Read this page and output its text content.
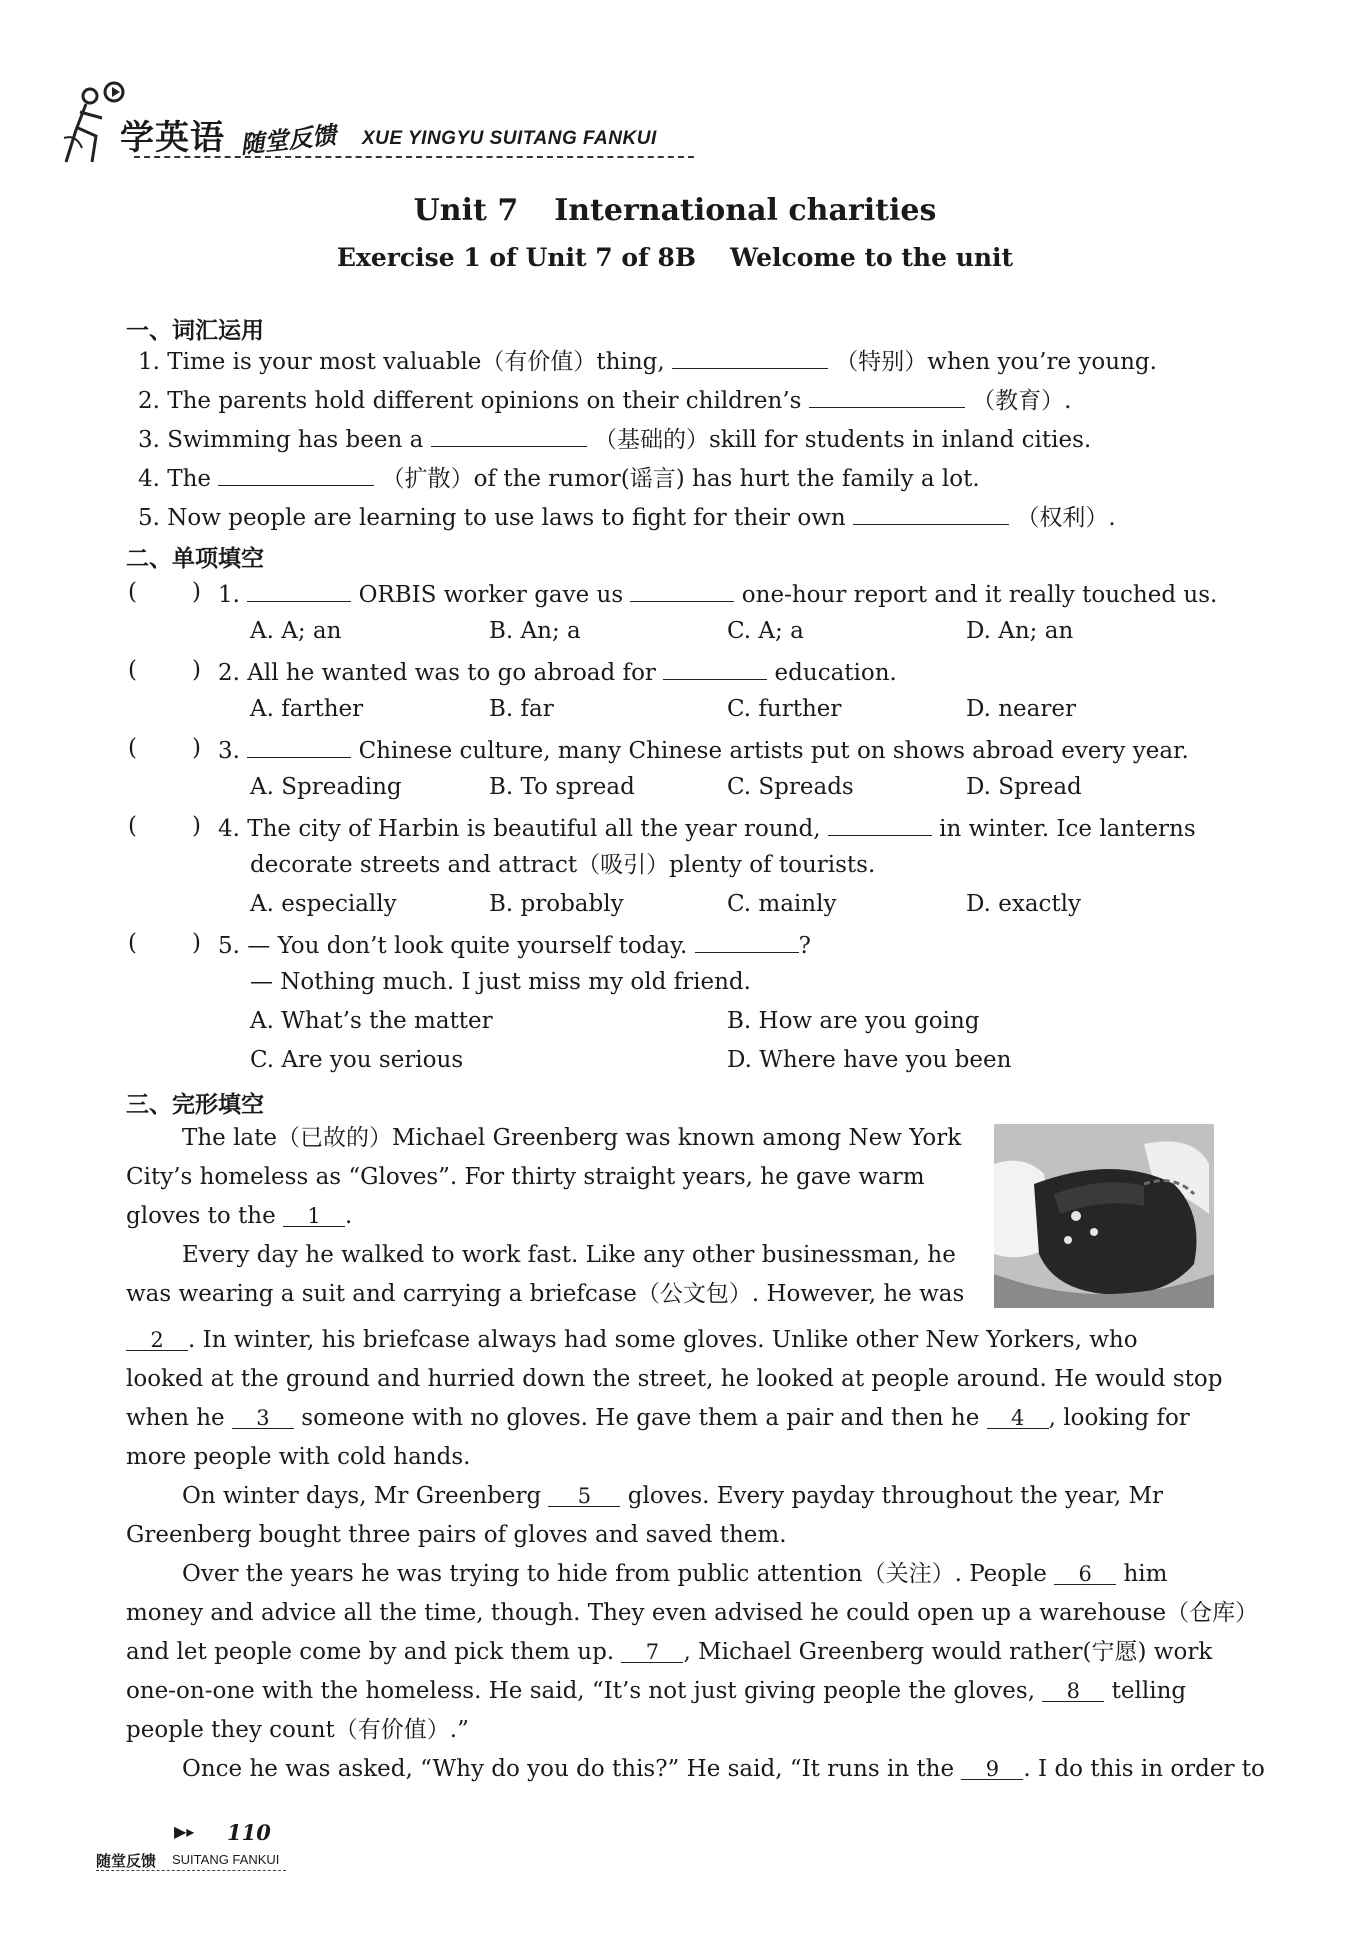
学英语 随堂反馈 XUE YINGYU SUITANG FANKUI
Unit 7 International charities
Exercise 1 of Unit 7 of 8B Welcome to the unit
一、词汇运用
1. Time is your most valuable（有价值）thing,	（特别）when you’re young.
2. The parents hold different opinions on their children’s	（教育）.
3. Swimming has been a	（基础的）skill for students in inland cities.
4. The	（扩散）of the rumor(谣言) has hurt the family a lot.
5. Now people are learning to use laws to fight for their own	（权利）.
二、单项填空
( ) 1.	ORBIS worker gave us	one-hour report and it really touched us.
A. A; an	B. An; a	C. A; a	D. An; an
( ) 2. All he wanted was to go abroad for	education.
A. farther	B. far	C. further	D. nearer
( ) 3.	Chinese culture, many Chinese artists put on shows abroad every year.
A. Spreading	B. To spread	C. Spreads	D. Spread
( ) 4. The city of Harbin is beautiful all the year round,	in winter. Ice lanterns
decorate streets and attract（吸引）plenty of tourists.
A. especially	B. probably	C. mainly	D. exactly
( ) 5. — You don’t look quite yourself today.	?
— Nothing much. I just miss my old friend.
A. What’s the matter	B. How are you going
C. Are you serious	D. Where have you been
三、完形填空
The late（已故的）Michael Greenberg was known among New York
City’s homeless as “Gloves”. For thirty straight years, he gave warm
gloves to the 1 .
Every day he walked to work fast. Like any other businessman, he
was wearing a suit and carrying a briefcase（公文包）. However, he was
2 . In winter, his briefcase always had some gloves. Unlike other New Yorkers, who
looked at the ground and hurried down the street, he looked at people around. He would stop
when he 3 someone with no gloves. He gave them a pair and then he 4 , looking for
more people with cold hands.
On winter days, Mr Greenberg 5 gloves. Every payday throughout the year, Mr
Greenberg bought three pairs of gloves and saved them.
Over the years he was trying to hide from public attention（关注）. People 6 him
money and advice all the time, though. They even advised he could open up a warehouse（仓库）
and let people come by and pick them up. 7 , Michael Greenberg would rather(宁愿) work
one-on-one with the homeless. He said, “It’s not just giving people the gloves, 8 telling
people they count（有价值）.”
Once he was asked, “Why do you do this?” He said, “It runs in the 9 . I do this in order to
▶▸ 110
随堂反馈 SUITANG FANKUI
